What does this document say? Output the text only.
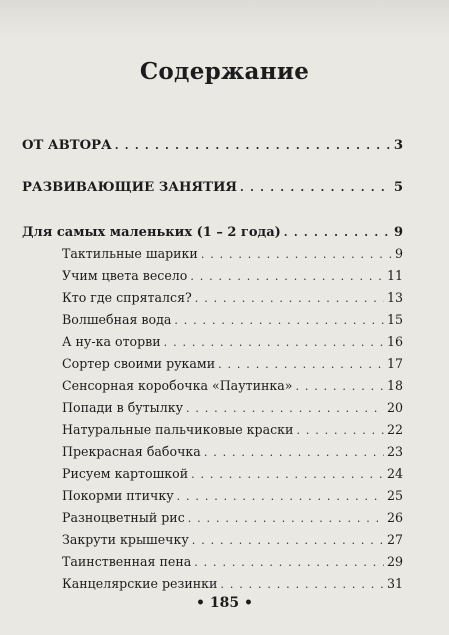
Содержание
ОТ АВТОРА . . .	3
РАЗВИВАЮЩИЕ ЗАНЯТИЯ . . .	5
Для самых маленьких (1 – 2 года) . . .	9
Тактильные шарики . . .	9
Учим цвета весело . . .	11
Кто где спрятался? . . .	13
Волшебная вода . . .	15
А ну-ка оторви . . .	16
Сортер своими руками . . .	17
Сенсорная коробочка «Паутинка» . . .	18
Попади в бутылку . . .	20
Натуральные пальчиковые краски . . .	22
Прекрасная бабочка . . .	23
Рисуем картошкой . . .	24
Покорми птичку . . .	25
Разноцветный рис . . .	26
Закрути крышечку . . .	27
Таинственная пена . . .	29
Канцелярские резинки . . .	31
• 185 •
